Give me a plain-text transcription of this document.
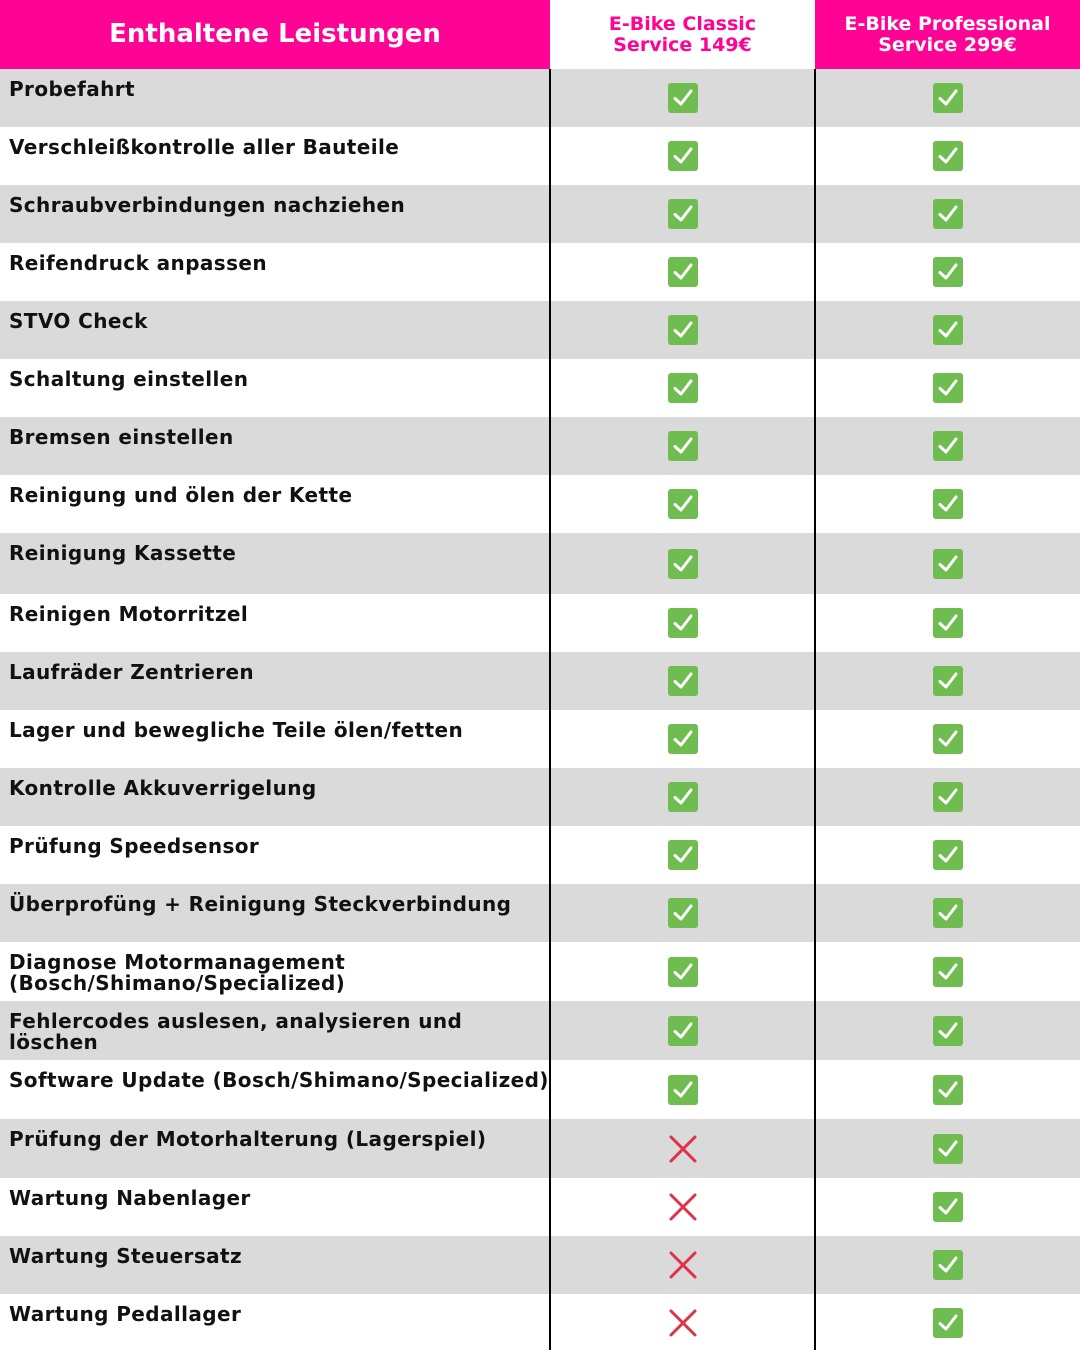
Enthaltene Leistungen	E-Bike Classic
Service 149€
E-Bike Professional
Service 299€
Probefahrt
Verschleißkontrolle aller Bauteile
Schraubverbindungen nachziehen
Reifendruck anpassen
STVO Check
Schaltung einstellen
Bremsen einstellen
Reinigung und ölen der Kette
Reinigung Kassette
Reinigen Motorritzel
Laufräder Zentrieren
Lager und bewegliche Teile ölen/fetten
Kontrolle Akkuverrigelung
Prüfung Speedsensor
Überprofüng + Reinigung Steckverbindung
Diagnose Motormanagement (Bosch/Shimano/Specialized)
Fehlercodes auslesen, analysieren und löschen
Software Update (Bosch/Shimano/Specialized)
Prüfung der Motorhalterung (Lagerspiel)
Wartung Nabenlager
Wartung Steuersatz
Wartung Pedallager
